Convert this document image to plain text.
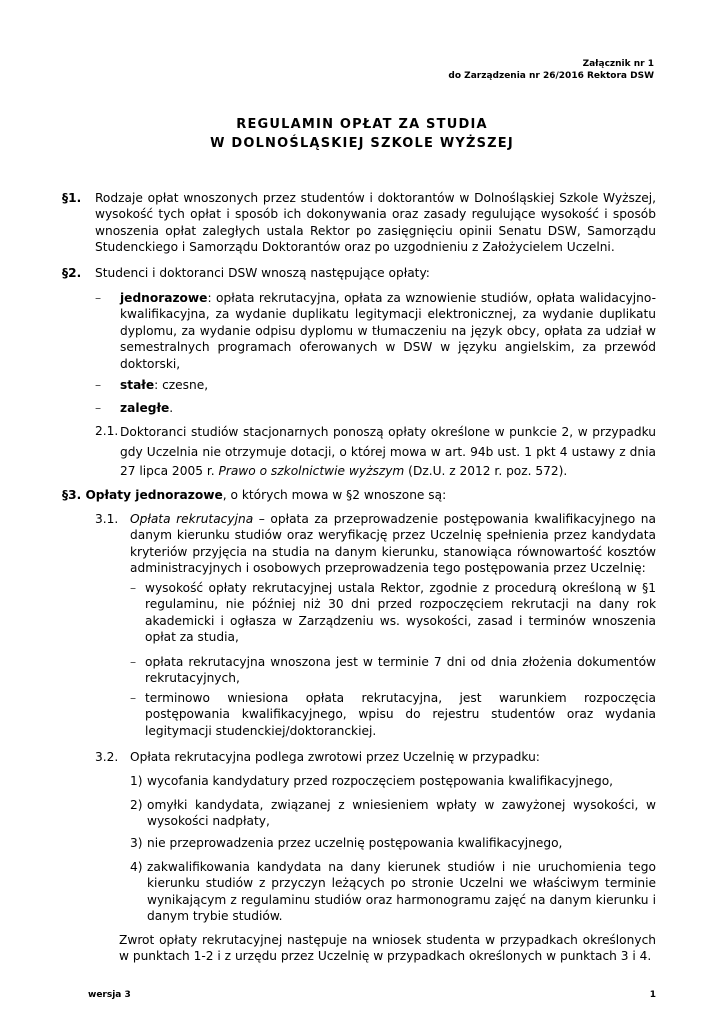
Załącznik nr 1
do Zarządzenia nr 26/2016 Rektora DSW
REGULAMIN OPŁAT ZA STUDIA
W DOLNOŚLĄSKIEJ SZKOLE WYŻSZEJ
§1. Rodzaje opłat wnoszonych przez studentów i doktorantów w Dolnośląskiej Szkole Wyższej, wysokość tych opłat i sposób ich dokonywania oraz zasady regulujące wysokość i sposób wnoszenia opłat zaległych ustala Rektor po zasięgnięciu opinii Senatu DSW, Samorządu Studenckiego i Samorządu Doktorantów oraz po uzgodnieniu z Założycielem Uczelni.
§2. Studenci i doktoranci DSW wnoszą następujące opłaty:
– jednorazowe: opłata rekrutacyjna, opłata za wznowienie studiów, opłata walidacyjno-kwalifikacyjna, za wydanie duplikatu legitymacji elektronicznej, za wydanie duplikatu dyplomu, za wydanie odpisu dyplomu w tłumaczeniu na język obcy, opłata za udział w semestralnych programach oferowanych w DSW w języku angielskim, za przewód doktorski,
– stałe: czesne,
– zaległe.
2.1. Doktoranci studiów stacjonarnych ponoszą opłaty określone w punkcie 2, w przypadku gdy Uczelnia nie otrzymuje dotacji, o której mowa w art. 94b ust. 1 pkt 4 ustawy z dnia 27 lipca 2005 r. Prawo o szkolnictwie wyższym (Dz.U. z 2012 r. poz. 572).
§3. Opłaty jednorazowe, o których mowa w §2 wnoszone są:
3.1. Opłata rekrutacyjna – opłata za przeprowadzenie postępowania kwalifikacyjnego na danym kierunku studiów oraz weryfikację przez Uczelnię spełnienia przez kandydata kryteriów przyjęcia na studia na danym kierunku, stanowiąca równowartość kosztów administracyjnych i osobowych przeprowadzenia tego postępowania przez Uczelnię:
– wysokość opłaty rekrutacyjnej ustala Rektor, zgodnie z procedurą określoną w §1 regulaminu, nie później niż 30 dni przed rozpoczęciem rekrutacji na dany rok akademicki i ogłasza w Zarządzeniu ws. wysokości, zasad i terminów wnoszenia opłat za studia,
– opłata rekrutacyjna wnoszona jest w terminie 7 dni od dnia złożenia dokumentów rekrutacyjnych,
– terminowo wniesiona opłata rekrutacyjna, jest warunkiem rozpoczęcia postępowania kwalifikacyjnego, wpisu do rejestru studentów oraz wydania legitymacji studenckiej/doktoranckiej.
3.2. Opłata rekrutacyjna podlega zwrotowi przez Uczelnię w przypadku:
1) wycofania kandydatury przed rozpoczęciem postępowania kwalifikacyjnego,
2) omyłki kandydata, związanej z wniesieniem wpłaty w zawyżonej wysokości, w wysokości nadpłaty,
3) nie przeprowadzenia przez uczelnię postępowania kwalifikacyjnego,
4) zakwalifikowania kandydata na dany kierunek studiów i nie uruchomienia tego kierunku studiów z przyczyn leżących po stronie Uczelni we właściwym terminie wynikającym z regulaminu studiów oraz harmonogramu zajęć na danym kierunku i danym trybie studiów.
Zwrot opłaty rekrutacyjnej następuje na wniosek studenta w przypadkach określonych w punktach 1-2 i z urzędu przez Uczelnię w przypadkach określonych w punktach 3 i 4.
wersja 3	1
